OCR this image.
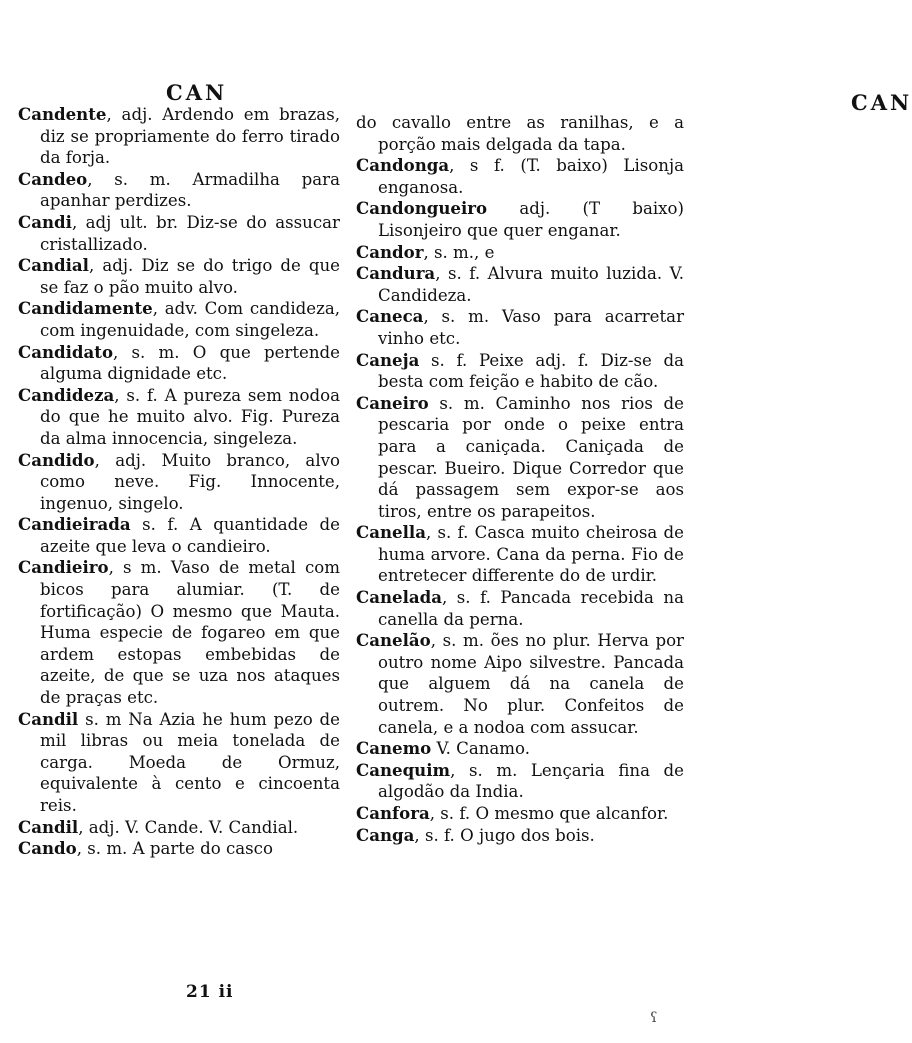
CAN

Candente, adj. Ardendo em brazas, diz se propriamente do ferro tirado da forja.

Candeo, s. m. Armadilha para apanhar perdizes.

Candi, adj ult. br. Diz-se do assucar cristallizado.

Candial, adj. Diz se do trigo de que se faz o pão muito alvo.

Candidamente, adv. Com candideza, com ingenuidade, com singeleza.

Candidato, s. m. O que pertende alguma dignidade etc.

Candideza, s. f. A pureza sem nodoa do que he muito alvo. Fig. Pureza da alma innocencia, singeleza.

Candido, adj. Muito branco, alvo como neve. Fig. Innocente, ingenuo, singelo.

Candieirada s. f. A quantidade de azeite que leva o candieiro.

Candieiro, s m. Vaso de metal com bicos para alumiar. (T. de fortificação) O mesmo que Mauta. Huma especie de fogareo em que ardem estopas embebidas de azeite, de que se uza nos ataques de praças etc.

Candil s. m Na Azia he hum pezo de mil libras ou meia tonelada de carga. Moeda de Ormuz, equivalente à cento e cincoenta reis.

Candil, adj. V. Cande. V. Candial.

Cando, s. m. A parte do casco

CAN

do cavallo entre as ranilhas, e a porção mais delgada da tapa.

Candonga, s f. (T. baixo) Lisonja enganosa.

Candongueiro adj. (T baixo) Lisonjeiro que quer enganar.

Candor, s. m., e

Candura, s. f. Alvura muito luzida. V. Candideza.

Caneca, s. m. Vaso para acarretar vinho etc.

Caneja s. f. Peixe adj. f. Diz-se da besta com feição e habito de cão.

Caneiro s. m. Caminho nos rios de pescaria por onde o peixe entra para a caniçada. Caniçada de pescar. Bueiro. Dique Corredor que dá passagem sem expor-se aos tiros, entre os parapeitos.

Canella, s. f. Casca muito cheirosa de huma arvore. Cana da perna. Fio de entretecer differente do de urdir.

Canelada, s. f. Pancada recebida na canella da perna.

Canelão, s. m. ões no plur. Herva por outro nome Aipo silvestre. Pancada que alguem dá na canela de outrem. No plur. Confeitos de canela, e a nodoa com assucar.

Canemo V. Canamo.

Canequim, s. m. Lençaria fina de algodão da India.

Canfora, s. f. O mesmo que alcanfor.

Canga, s. f. O jugo dos bois.

21 ii
ʕ
